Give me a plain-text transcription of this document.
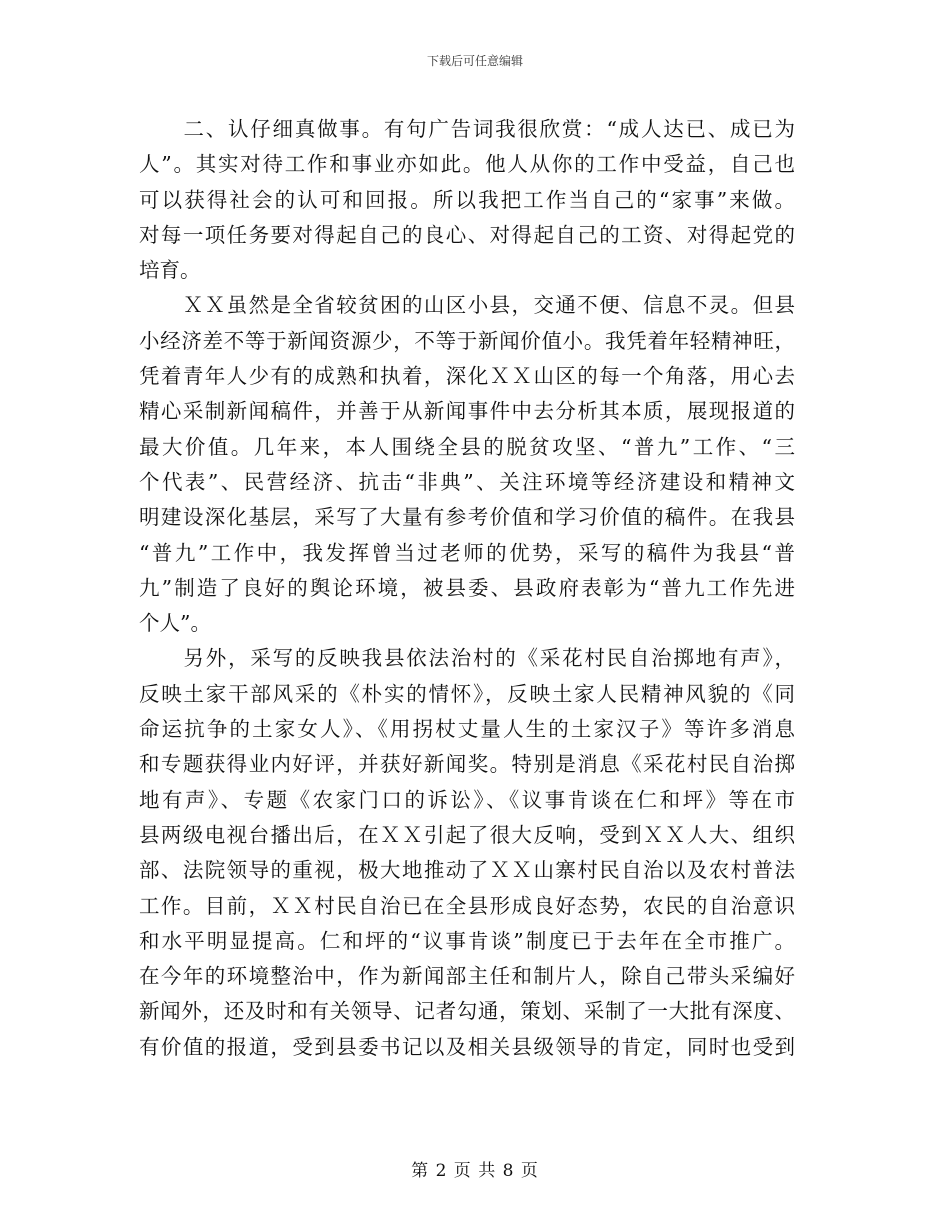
下载后可任意编辑
　　二、认仔细真做事。有句广告词我很欣赏：“成人达已、成已为
人”。其实对待工作和事业亦如此。他人从你的工作中受益，自己也
可以获得社会的认可和回报。所以我把工作当自己的“家事”来做。
对每一项任务要对得起自己的良心、对得起自己的工资、对得起党的
培育。
　　ＸＸ虽然是全省较贫困的山区小县，交通不便、信息不灵。但县
小经济差不等于新闻资源少，不等于新闻价值小。我凭着年轻精神旺，
凭着青年人少有的成熟和执着，深化ＸＸ山区的每一个角落，用心去
精心采制新闻稿件，并善于从新闻事件中去分析其本质，展现报道的
最大价值。几年来，本人围绕全县的脱贫攻坚、“普九”工作、“三
个代表”、民营经济、抗击“非典”、关注环境等经济建设和精神文
明建设深化基层，采写了大量有参考价值和学习价值的稿件。在我县
“普九”工作中，我发挥曾当过老师的优势，采写的稿件为我县“普
九”制造了良好的舆论环境，被县委、县政府表彰为“普九工作先进
个人”。
　　另外，采写的反映我县依法治村的《采花村民自治掷地有声》，
反映土家干部风采的《朴实的情怀》，反映土家人民精神风貌的《同
命运抗争的土家女人》、《用拐杖丈量人生的土家汉子》等许多消息
和专题获得业内好评，并获好新闻奖。特别是消息《采花村民自治掷
地有声》、专题《农家门口的诉讼》、《议事肯谈在仁和坪》等在市
县两级电视台播出后，在ＸＸ引起了很大反响，受到ＸＸ人大、组织
部、法院领导的重视，极大地推动了ＸＸ山寨村民自治以及农村普法
工作。目前，ＸＸ村民自治已在全县形成良好态势，农民的自治意识
和水平明显提高。仁和坪的“议事肯谈”制度已于去年在全市推广。
在今年的环境整治中，作为新闻部主任和制片人，除自己带头采编好
新闻外，还及时和有关领导、记者勾通，策划、采制了一大批有深度、
有价值的报道，受到县委书记以及相关县级领导的肯定，同时也受到
第 2 页 共 8 页
